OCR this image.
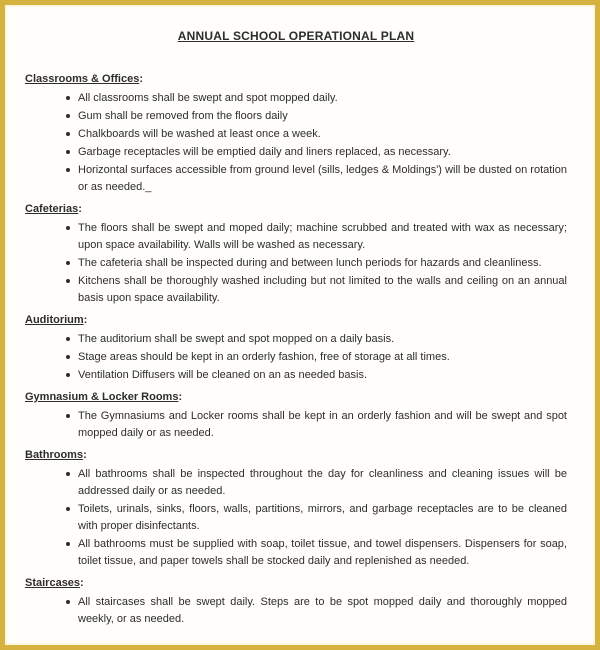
ANNUAL SCHOOL OPERATIONAL PLAN
Classrooms & Offices:
All classrooms shall be swept and spot mopped daily.
Gum shall be removed from the floors daily
Chalkboards will be washed at least once a week.
Garbage receptacles will be emptied daily and liners replaced, as necessary.
Horizontal surfaces accessible from ground level (sills, ledges & Moldings') will be dusted on rotation or as needed._
Cafeterias:
The floors shall be swept and moped daily; machine scrubbed and treated with wax as necessary; upon space availability. Walls will be washed as necessary.
The cafeteria shall be inspected during and between lunch periods for hazards and cleanliness.
Kitchens shall be thoroughly washed including but not limited to the walls and ceiling on an annual basis upon space availability.
Auditorium:
The auditorium shall be swept and spot mopped on a daily basis.
Stage areas should be kept in an orderly fashion, free of storage at all times.
Ventilation Diffusers will be cleaned on an as needed basis.
Gymnasium & Locker Rooms:
The Gymnasiums and Locker rooms shall be kept in an orderly fashion and will be swept and spot mopped daily or as needed.
Bathrooms:
All bathrooms shall be inspected throughout the day for cleanliness and cleaning issues will be addressed daily or as needed.
Toilets, urinals, sinks, floors, walls, partitions, mirrors, and garbage receptacles are to be cleaned with proper disinfectants.
All bathrooms must be supplied with soap, toilet tissue, and towel dispensers. Dispensers for soap, toilet tissue, and paper towels shall be stocked daily and replenished as needed.
Staircases:
All staircases shall be swept daily. Steps are to be spot mopped daily and thoroughly mopped weekly, or as needed.
